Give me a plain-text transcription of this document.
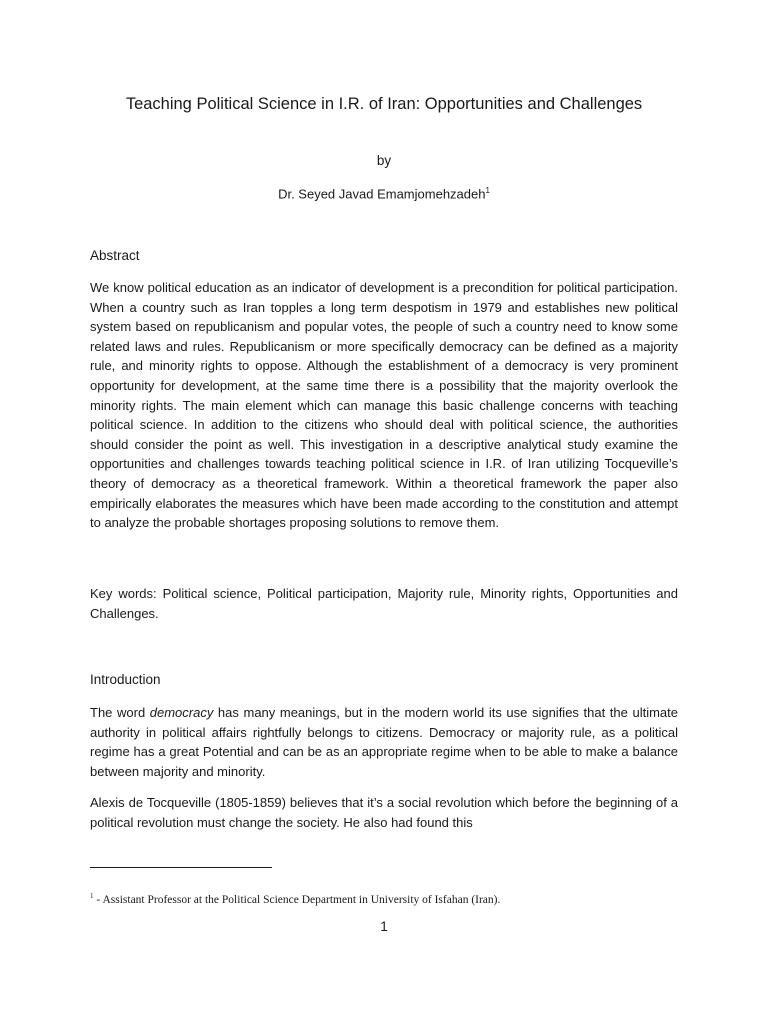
Teaching Political Science in I.R. of Iran: Opportunities and Challenges

by

Dr. Seyed Javad Emamjomehzadeh$^1$

Abstract

We know political education as an indicator of development is a precondition for political participation. When a country such as Iran topples a long term despotism in 1979 and establishes new political system based on republicanism and popular votes, the people of such a country need to know some related laws and rules. Republicanism or more specifically democracy can be defined as a majority rule, and minority rights to oppose. Although the establishment of a democracy is very prominent opportunity for development, at the same time there is a possibility that the majority overlook the minority rights. The main element which can manage this basic challenge concerns with teaching political science. In addition to the citizens who should deal with political science, the authorities should consider the point as well. This investigation in a descriptive analytical study examine the opportunities and challenges towards teaching political science in I.R. of Iran utilizing Tocqueville’s theory of democracy as a theoretical framework. Within a theoretical framework the paper also empirically elaborates the measures which have been made according to the constitution and attempt to analyze the probable shortages proposing solutions to remove them.

Key words: Political science, Political participation, Majority rule, Minority rights, Opportunities and Challenges.

Introduction

The word democracy has many meanings, but in the modern world its use signifies that the ultimate authority in political affairs rightfully belongs to citizens. Democracy or majority rule, as a political regime has a great Potential and can be as an appropriate regime when to be able to make a balance between majority and minority.

Alexis de Tocqueville (1805-1859) believes that it’s a social revolution which before the beginning of a political revolution must change the society. He also had found this

$^1$ - Assistant Professor at the Political Science Department in University of Isfahan (Iran).

1
